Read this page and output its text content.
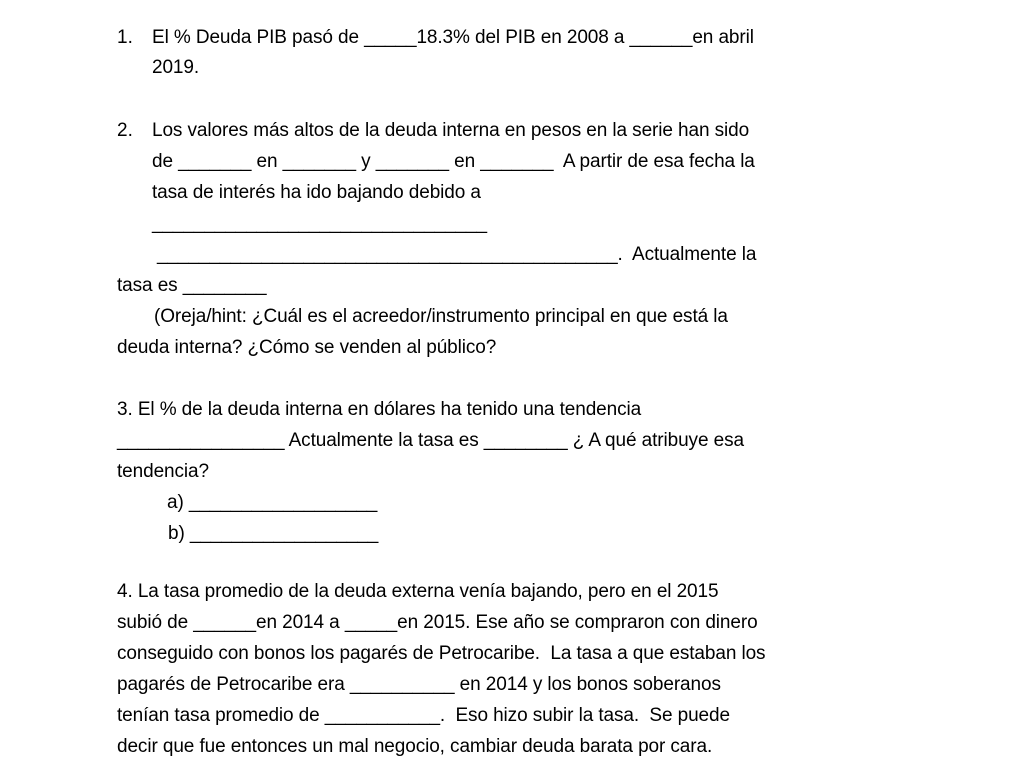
1. El % Deuda PIB pasó de _____18.3% del PIB en 2008 a ______en abril
2019.
2. Los valores más altos de la deuda interna en pesos en la serie han sido
de _______ en _______ y _______ en _______  A partir de esa fecha la
tasa de interés ha ido bajando debido a
________________________________
____________________________________________.  Actualmente la
tasa es ________
(Oreja/hint: ¿Cuál es el acreedor/instrumento principal en que está la
deuda interna? ¿Cómo se venden al público?
3. El % de la deuda interna en dólares ha tenido una tendencia
________________ Actualmente la tasa es ________ ¿ A qué atribuye esa
tendencia?
a) __________________
b) __________________
4. La tasa promedio de la deuda externa venía bajando, pero en el 2015
subió de ______en 2014 a _____en 2015. Ese año se compraron con dinero
conseguido con bonos los pagarés de Petrocaribe.  La tasa a que estaban los
pagarés de Petrocaribe era __________ en 2014 y los bonos soberanos
tenían tasa promedio de ___________.  Eso hizo subir la tasa.  Se puede
decir que fue entonces un mal negocio, cambiar deuda barata por cara.
